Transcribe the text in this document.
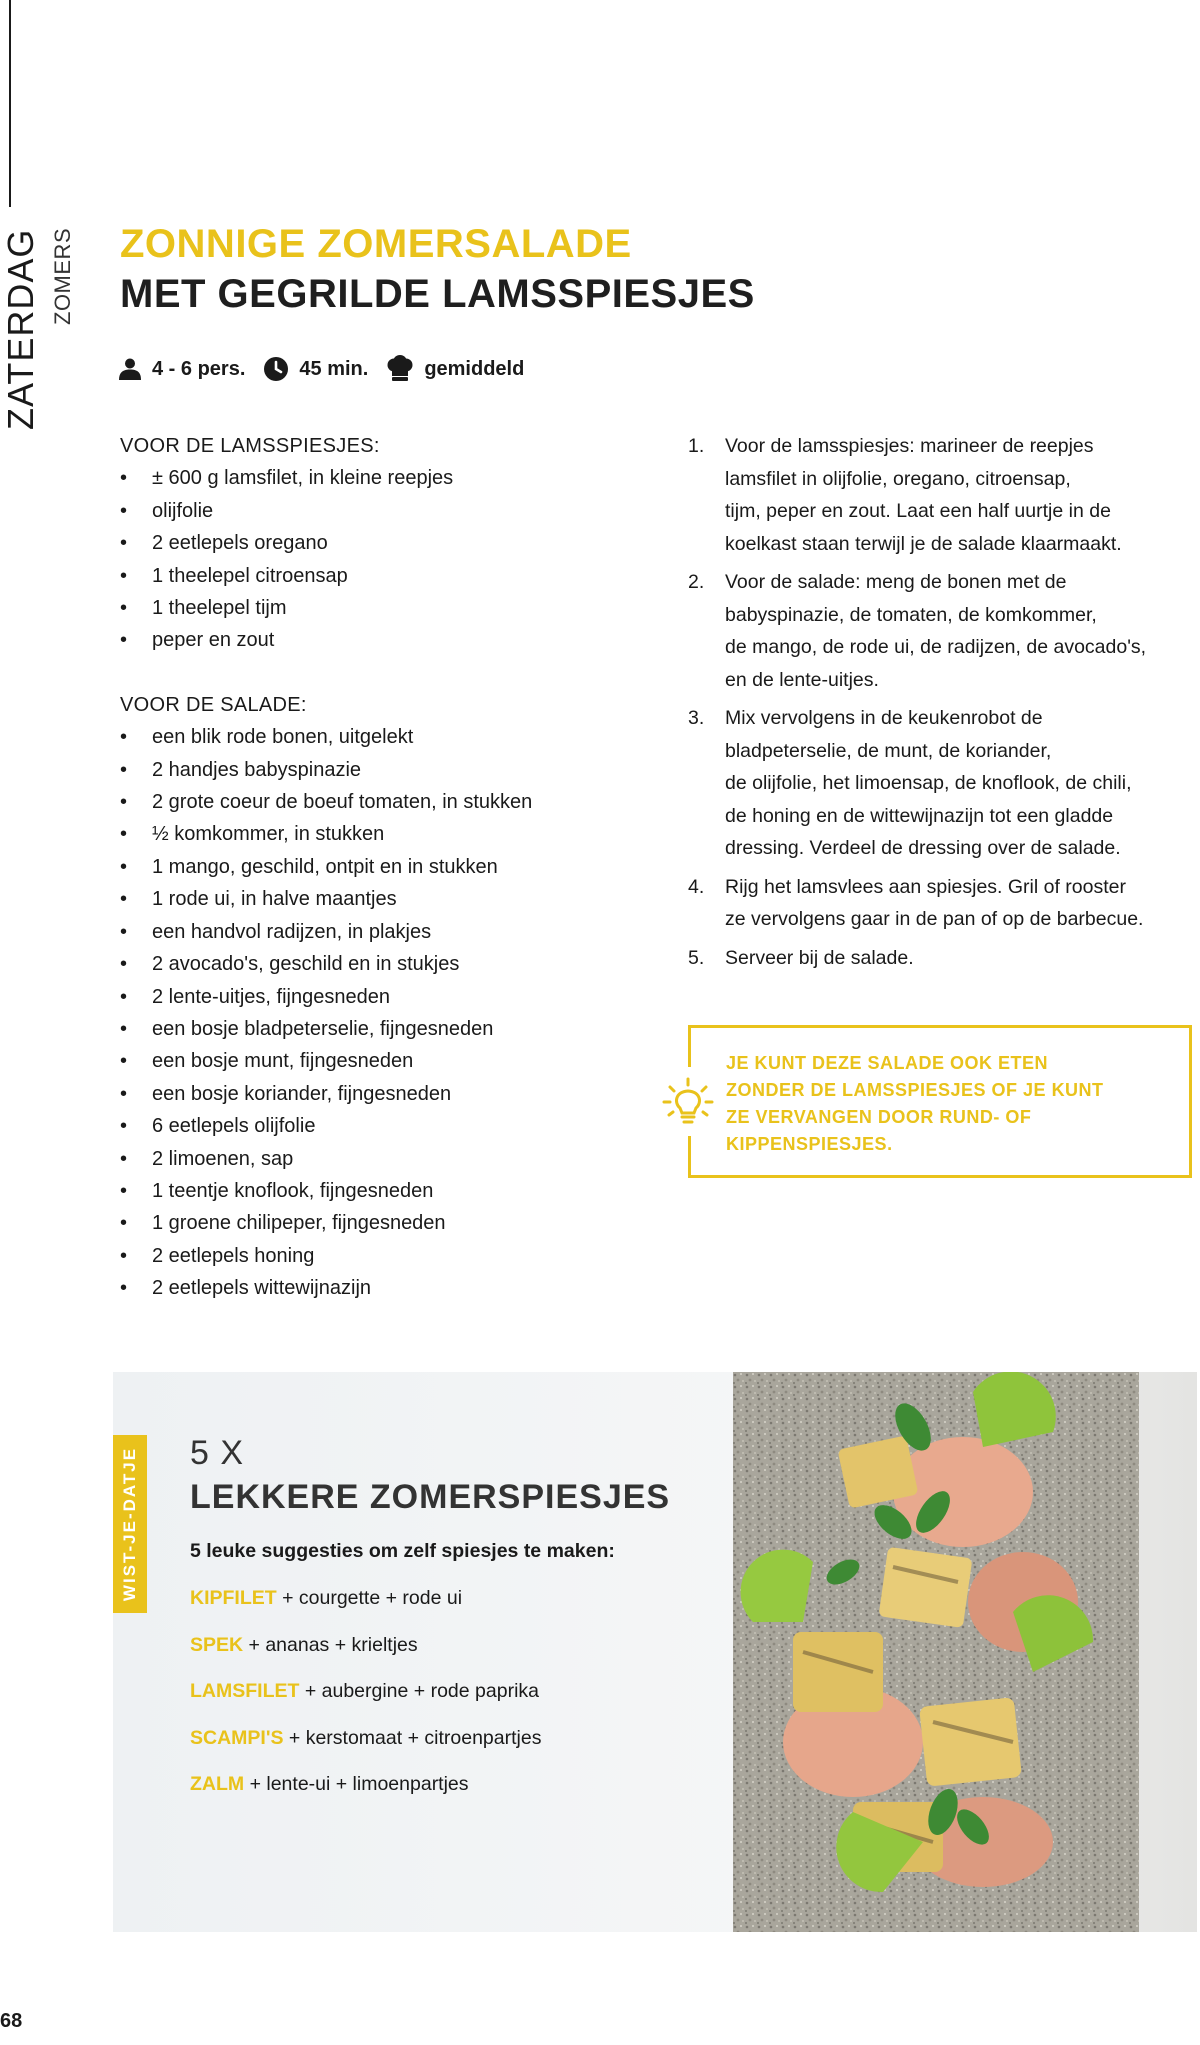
ZATERDAG ZOMERS ZONNIGE ZOMERSALADE
MET GEGRILDE LAMSSPIESJES
4 - 6 pers.	45 min.	gemiddeld
VOOR DE LAMSSPIESJES:
• ± 600 g lamsfilet, in kleine reepjes
• olijfolie
• 2 eetlepels oregano
• 1 theelepel citroensap
• 1 theelepel tijm
• peper en zout
VOOR DE SALADE:
• een blik rode bonen, uitgelekt
• 2 handjes babyspinazie
• 2 grote coeur de boeuf tomaten, in stukken
• ½ komkommer, in stukken
• 1 mango, geschild, ontpit en in stukken
• 1 rode ui, in halve maantjes
• een handvol radijzen, in plakjes
• 2 avocado's, geschild en in stukjes
• 2 lente-uitjes, fijngesneden
• een bosje bladpeterselie, fijngesneden
• een bosje munt, fijngesneden
• een bosje koriander, fijngesneden
• 6 eetlepels olijfolie
• 2 limoenen, sap
• 1 teentje knoflook, fijngesneden
• 1 groene chilipeper, fijngesneden
• 2 eetlepels honing
• 2 eetlepels wittewijnazijn
1. Voor de lamsspiesjes: marineer de reepjes
lamsfilet in olijfolie, oregano, citroensap,
tijm, peper en zout. Laat een half uurtje in de
koelkast staan terwijl je de salade klaarmaakt.
2. Voor de salade: meng de bonen met de
babyspinazie, de tomaten, de komkommer,
de mango, de rode ui, de radijzen, de avocado's,
en de lente-uitjes.
3. Mix vervolgens in de keukenrobot de
bladpeterselie, de munt, de koriander,
de olijfolie, het limoensap, de knoflook, de chili,
de honing en de wittewijnazijn tot een gladde
dressing. Verdeel de dressing over de salade.
4. Rijg het lamsvlees aan spiesjes. Gril of rooster
ze vervolgens gaar in de pan of op de barbecue.
5. Serveer bij de salade.
JE KUNT DEZE SALADE OOK ETEN
ZONDER DE LAMSSPIESJES OF JE KUNT
ZE VERVANGEN DOOR RUND- OF
KIPPENSPIESJES.
WIST-JE-DATJE 5 X
LEKKERE ZOMERSPIESJES
5 leuke suggesties om zelf spiesjes te maken:
KIPFILET + courgette + rode ui
SPEK + ananas + krieltjes
LAMSFILET + aubergine + rode paprika
SCAMPI'S + kerstomaat + citroenpartjes
ZALM + lente-ui + limoenpartjes
68
